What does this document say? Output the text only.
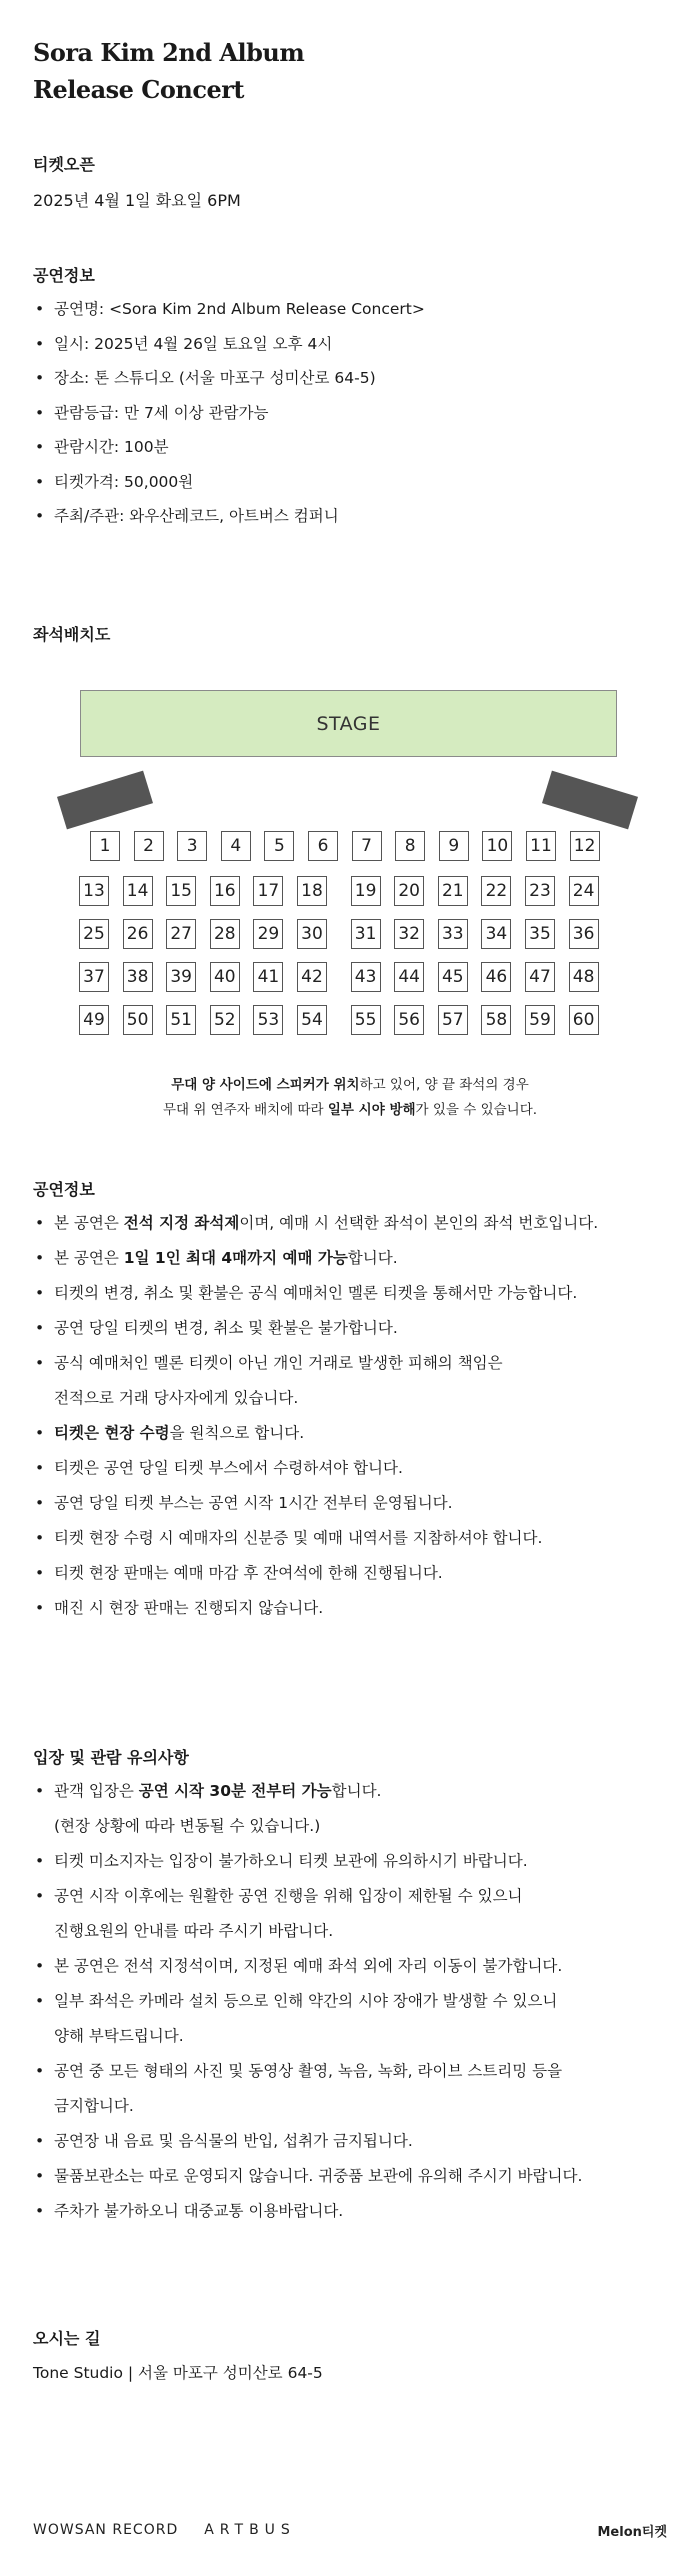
Sora Kim 2nd Album
Release Concert
티켓오픈

2025년 4월 1일 화요일 6PM

공연정보
• 공연명: <Sora Kim 2nd Album Release Concert>
• 일시: 2025년 4월 26일 토요일 오후 4시
• 장소: 톤 스튜디오 (서울 마포구 성미산로 64-5)
• 관람등급: 만 7세 이상 관람가능
• 관람시간: 100분
• 티켓가격: 50,000원
• 주최/주관: 와우산레코드, 아트버스 컴퍼니
좌석배치도
STAGE
1	2	3	4	5	6	7	8	9	10 11 12
13 14 15 16 17 18 19 20 21 22 23 24
25 26 27 28 29 30 31 32 33 34 35 36
37 38 39 40 41 42 43 44 45 46 47 48
49 50 51 52 53 54 55 56 57 58 59 60

무대 양 사이드에 스피커가 위치하고 있어, 양 끝 좌석의 경우

무대 위 연주자 배치에 따라 일부 시야 방해가 있을 수 있습니다.

공연정보
• 본 공연은 전석 지정 좌석제이며, 예매 시 선택한 좌석이 본인의 좌석 번호입니다.
• 본 공연은 1일 1인 최대 4매까지 예매 가능합니다.
• 티켓의 변경, 취소 및 환불은 공식 예매처인 멜론 티켓을 통해서만 가능합니다.
• 공연 당일 티켓의 변경, 취소 및 환불은 불가합니다.
• 공식 예매처인 멜론 티켓이 아닌 개인 거래로 발생한 피해의 책임은
전적으로 거래 당사자에게 있습니다.
• 티켓은 현장 수령을 원칙으로 합니다.
• 티켓은 공연 당일 티켓 부스에서 수령하셔야 합니다.
• 공연 당일 티켓 부스는 공연 시작 1시간 전부터 운영됩니다.
• 티켓 현장 수령 시 예매자의 신분증 및 예매 내역서를 지참하셔야 합니다.
• 티켓 현장 판매는 예매 마감 후 잔여석에 한해 진행됩니다.
• 매진 시 현장 판매는 진행되지 않습니다.
입장 및 관람 유의사항
• 관객 입장은 공연 시작 30분 전부터 가능합니다.
(현장 상황에 따라 변동될 수 있습니다.)
• 티켓 미소지자는 입장이 불가하오니 티켓 보관에 유의하시기 바랍니다.
• 공연 시작 이후에는 원활한 공연 진행을 위해 입장이 제한될 수 있으니
진행요원의 안내를 따라 주시기 바랍니다.
• 본 공연은 전석 지정석이며, 지정된 예매 좌석 외에 자리 이동이 불가합니다.
• 일부 좌석은 카메라 설치 등으로 인해 약간의 시야 장애가 발생할 수 있으니
양해 부탁드립니다.
• 공연 중 모든 형태의 사진 및 동영상 촬영, 녹음, 녹화, 라이브 스트리밍 등을
금지합니다.
• 공연장 내 음료 및 음식물의 반입, 섭취가 금지됩니다.
• 물품보관소는 따로 운영되지 않습니다. 귀중품 보관에 유의해 주시기 바랍니다.
• 주차가 불가하오니 대중교통 이용바랍니다.
오시는 길

Tone Studio | 서울 마포구 성미산로 64-5

WOWSAN RECORD ARTBUS	Melon티켓
